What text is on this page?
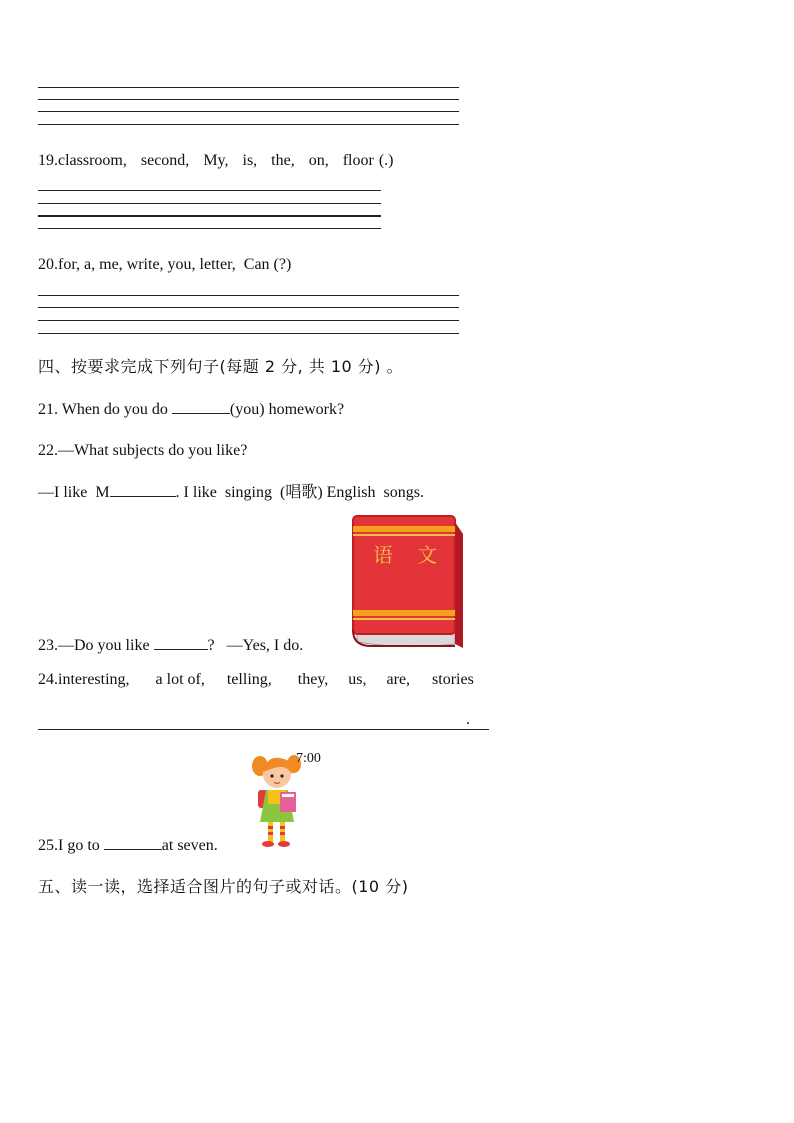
19.classroom, second, My, is, the, on, floor (.)
20.for, a, me, write, you, letter,  Can (?)
四、按要求完成下列句子(每题 2 分, 共 10 分) 。
21. When do you do	(you) homework?
22.—What subjects do you like?
—I like  M	. I like  singing  (唱歌) English  songs.
语 文
23.—Do you like	?   —Yes, I do.
24.interesting, a lot of, telling, they, us, are, stories
.
7:00
25.I go to	at seven.
五、读一读，选择适合图片的句子或对话。(10 分)
